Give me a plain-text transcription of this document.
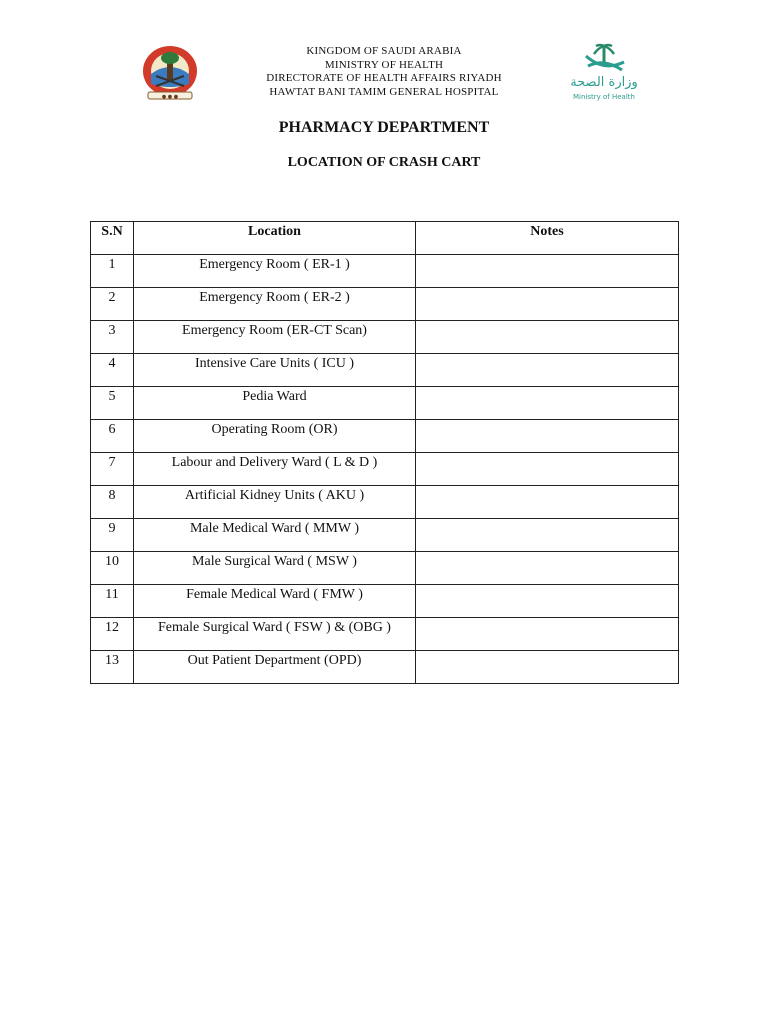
● ● ●
KINGDOM OF SAUDI ARABIA
MINISTRY OF HEALTH
DIRECTORATE OF HEALTH AFFAIRS RIYADH
HAWTAT BANI TAMIM GENERAL HOSPITAL
وزارة الصحة
Ministry of Health
PHARMACY DEPARTMENT
LOCATION OF CRASH CART
S.N	Location	Notes
1	Emergency Room ( ER-1 )	
2	Emergency Room ( ER-2 )	
3	Emergency Room (ER-CT Scan)	
4	Intensive Care Units ( ICU )	
5	Pedia Ward	
6	Operating Room (OR)	
7	Labour and Delivery Ward ( L & D )	
8	Artificial Kidney Units ( AKU )	
9	Male Medical Ward ( MMW )	
10	Male Surgical Ward ( MSW )	
11	Female Medical Ward ( FMW )	
12	Female Surgical Ward ( FSW ) & (OBG )	
13	Out Patient Department (OPD)	
